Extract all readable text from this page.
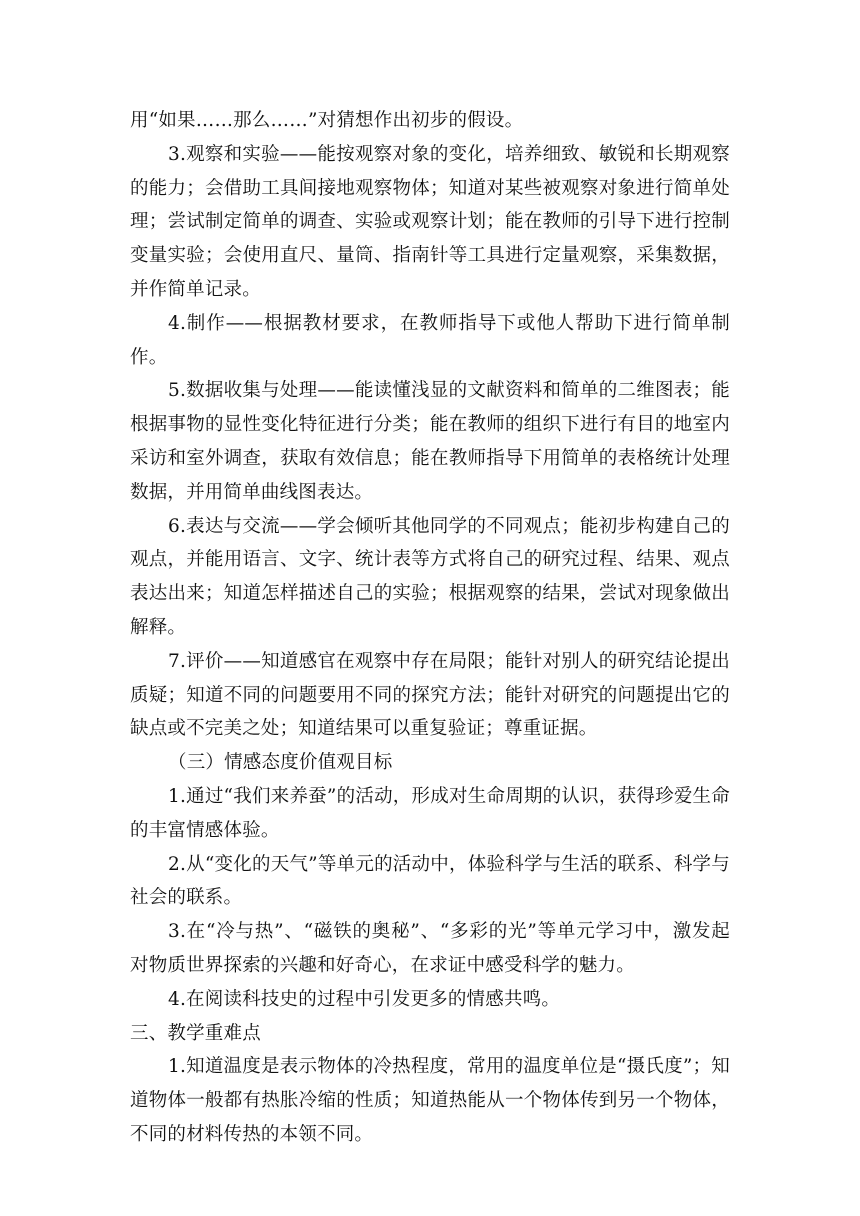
用“如果……那么……”对猜想作出初步的假设。

3.观察和实验——能按观察对象的变化，培养细致、敏锐和长期观察的能力；会借助工具间接地观察物体；知道对某些被观察对象进行简单处理；尝试制定简单的调查、实验或观察计划；能在教师的引导下进行控制变量实验；会使用直尺、量筒、指南针等工具进行定量观察，采集数据，并作简单记录。

4.制作——根据教材要求，在教师指导下或他人帮助下进行简单制作。

5.数据收集与处理——能读懂浅显的文献资料和简单的二维图表；能根据事物的显性变化特征进行分类；能在教师的组织下进行有目的地室内采访和室外调查，获取有效信息；能在教师指导下用简单的表格统计处理数据，并用简单曲线图表达。

6.表达与交流——学会倾听其他同学的不同观点；能初步构建自己的观点，并能用语言、文字、统计表等方式将自己的研究过程、结果、观点表达出来；知道怎样描述自己的实验；根据观察的结果，尝试对现象做出解释。

7.评价——知道感官在观察中存在局限；能针对别人的研究结论提出质疑；知道不同的问题要用不同的探究方法；能针对研究的问题提出它的缺点或不完美之处；知道结果可以重复验证；尊重证据。

（三）情感态度价值观目标

1.通过“我们来养蚕”的活动，形成对生命周期的认识，获得珍爱生命的丰富情感体验。

2.从“变化的天气”等单元的活动中，体验科学与生活的联系、科学与社会的联系。

3.在“冷与热”、“磁铁的奥秘”、“多彩的光”等单元学习中，激发起对物质世界探索的兴趣和好奇心，在求证中感受科学的魅力。

4.在阅读科技史的过程中引发更多的情感共鸣。

三、教学重难点

1.知道温度是表示物体的冷热程度，常用的温度单位是“摄氏度”；知道物体一般都有热胀冷缩的性质；知道热能从一个物体传到另一个物体，不同的材料传热的本领不同。
